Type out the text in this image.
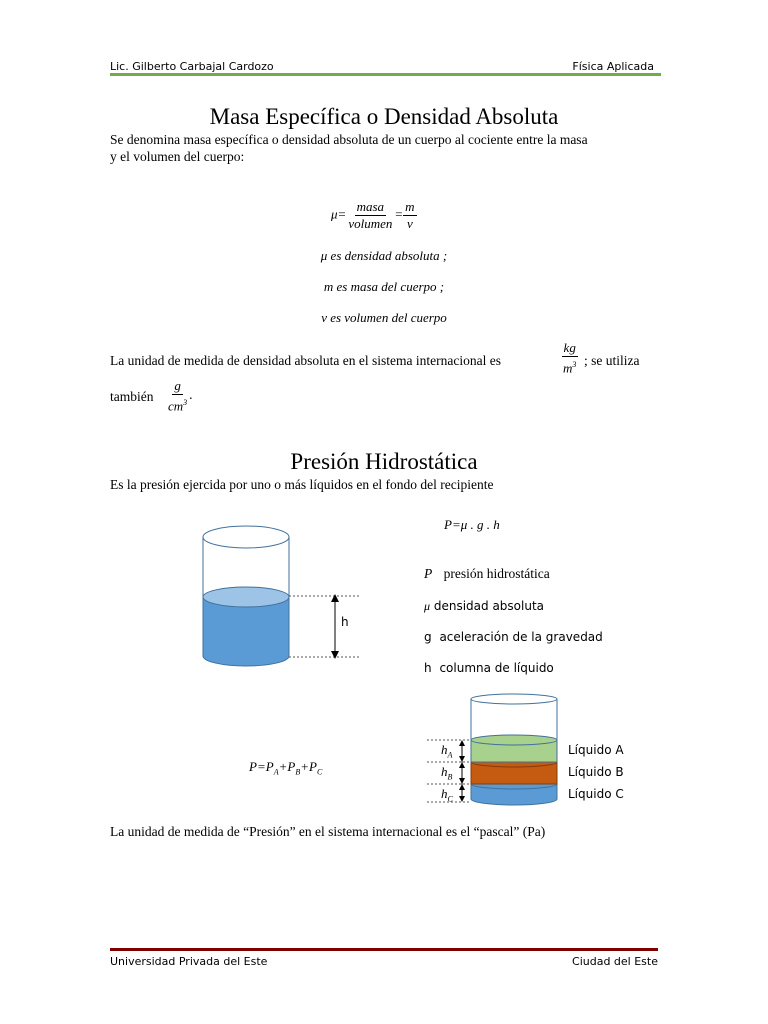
Lic. Gilberto Carbajal Cardozo	Física Aplicada
Masa Específica o Densidad Absoluta
Se denomina masa específica o densidad absoluta de un cuerpo al cociente entre la masa
y el volumen del cuerpo:
$\mu= \frac{\text{masa}}{\text{volumen}} = \frac{m}{v}$
μ es densidad absoluta ;
m es masa del cuerpo ;
v es volumen del cuerpo
La unidad de medida de densidad absoluta en el sistema internacional es	$\frac{kg}{m^3}$ ; se utiliza
también $\frac{g}{cm^3}$ .
Presión Hidrostática
Es la presión ejercida por uno o más líquidos en el fondo del recipiente
P=μ . g . h
P presión hidrostática
μ densidad absoluta
g aceleración de la gravedad
h columna de líquido
h
$P=P_A+P_B+P_C$
$h_A$
$h_B$
$h_C$
Líquido A
Líquido B
Líquido C
La unidad de medida de “Presión” en el sistema internacional es el “pascal” (Pa)
Universidad Privada del Este	Ciudad del Este
